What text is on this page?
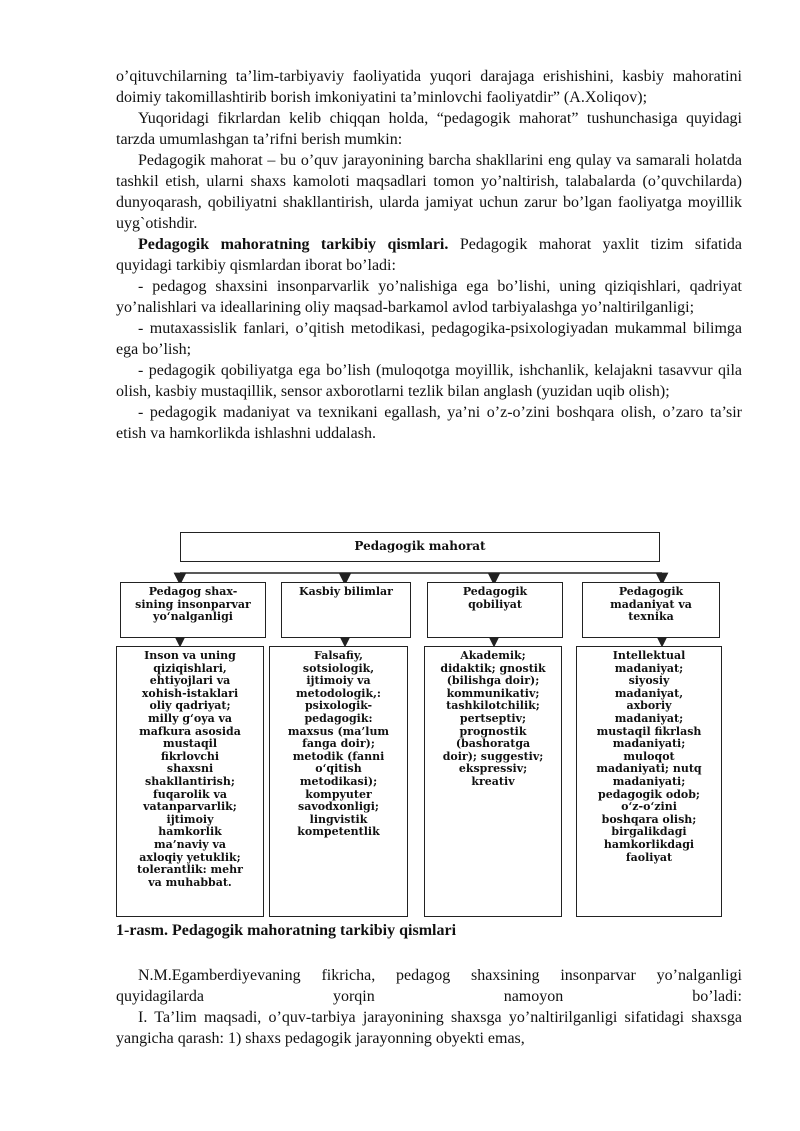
o’qituvchilarning ta’lim-tarbiyaviy faoliyatida yuqori darajaga erishishini, kasbiy mahoratini doimiy takomillashtirib borish imkoniyatini ta’minlovchi faoliyatdir” (A.Xoliqov);

Yuqoridagi fikrlardan kelib chiqqan holda, “pedagogik mahorat” tushunchasiga quyidagi tarzda umumlashgan ta’rifni berish mumkin:

Pedagogik mahorat – bu o’quv jarayonining barcha shakllarini eng qulay va samarali holatda tashkil etish, ularni shaxs kamoloti maqsadlari tomon yo’naltirish, talabalarda (o’quvchilarda) dunyoqarash, qobiliyatni shakllantirish, ularda jamiyat uchun zarur bo’lgan faoliyatga moyillik uyg`otishdir.

Pedagogik mahoratning tarkibiy qismlari. Pedagogik mahorat yaxlit tizim sifatida quyidagi tarkibiy qismlardan iborat bo’ladi:

- pedagog shaxsini insonparvarlik yo’nalishiga ega bo’lishi, uning qiziqishlari, qadriyat yo’nalishlari va ideallarining oliy maqsad-barkamol avlod tarbiyalashga yo’naltirilganligi;

- mutaxassislik fanlari, o’qitish metodikasi, pedagogika-psixologiyadan mukammal bilimga ega bo’lish;

- pedagogik qobiliyatga ega bo’lish (muloqotga moyillik, ishchanlik, kelajakni tasavvur qila olish, kasbiy mustaqillik, sensor axborotlarni tezlik bilan anglash (yuzidan uqib olish);

- pedagogik madaniyat va texnikani egallash, ya’ni o’z-o’zini boshqara olish, o’zaro ta’sir etish va hamkorlikda ishlashni uddalash.

Pedagogik mahorat
Pedagog shax-
sining insonparvar
yo‘nalganligi
Kasbiy bilimlar	Pedagogik
qobiliyat
Pedagogik
madaniyat va
texnika
Inson va uning
qiziqishlari,
ehtiyojlari va
xohish-istaklari
oliy qadriyat;
milly g‘oya va
mafkura asosida
mustaqil
fikrlovchi
shaxsni
shakllantirish;
fuqarolik va
vatanparvarlik;
ijtimoiy
hamkorlik
ma’naviy va
axloqiy yetuklik;
tolerantlik: mehr
va muhabbat.
Falsafiy,
sotsiologik,
ijtimoiy va
metodologik,:
psixologik-
pedagogik:
maxsus (ma’lum
fanga doir);
metodik (fanni
o‘qitish
metodikasi);
kompyuter
savodxonligi;
lingvistik
kompetentlik
Akademik;
didaktik; gnostik
(bilishga doir);
kommunikativ;
tashkilotchilik;
pertseptiv;
prognostik
(bashoratga
doir); suggestiv;
ekspressiv;
kreativ
Intellektual
madaniyat;
siyosiy
madaniyat,
axboriy
madaniyat;
mustaqil fikrlash
madaniyati;
muloqot
madaniyati; nutq
madaniyati;
pedagogik odob;
o‘z-o‘zini
boshqara olish;
birgalikdagi
hamkorlikdagi
faoliyat

1-rasm. Pedagogik mahoratning tarkibiy qismlari

N.M.Egamberdiyevaning fikricha, pedagog shaxsining insonparvar yo’nalganligi quyidagilarda yorqin namoyon bo’ladi:

I. Ta’lim maqsadi, o’quv-tarbiya jarayonining shaxsga yo’naltirilganligi sifatidagi shaxsga yangicha qarash: 1) shaxs pedagogik jarayonning obyekti emas,
